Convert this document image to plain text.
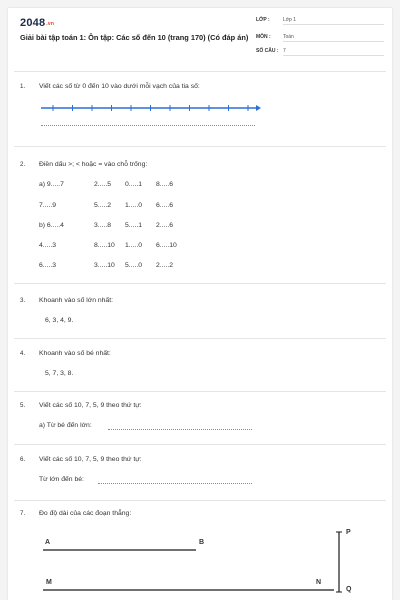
2048.vn
Giải bài tập toán 1: Ôn tập: Các số đến 10 (trang 170) (Có đáp án)
LỚP :	Lớp 1
MÔN : Toán
SỐ CÂU : 7
1. Viết các số từ 0 đến 10 vào dưới mỗi vạch của tia số:
2. Điền dấu >; < hoặc = vào chỗ trống:
a) 9.....7	2.....5 0.....1 8.....6
7.....9	5.....2 1.....0 6.....6
b) 6.....4	3.....8 5.....1 2.....6
4.....3	8.....10 1.....0 6.....10
6.....3	3.....10 5.....0 2.....2
3. Khoanh vào số lớn nhất:
6, 3, 4, 9.
4. Khoanh vào số bé nhất:
5, 7, 3, 8.
5. Viết các số 10, 7, 5, 9 theo thứ tự:
a) Từ bé đến lớn:
6. Viết các số 10, 7, 5, 9 theo thứ tự:
Từ lớn đến bé:
7. Đo độ dài của các đoạn thẳng:
A	B
M	N
P
Q
